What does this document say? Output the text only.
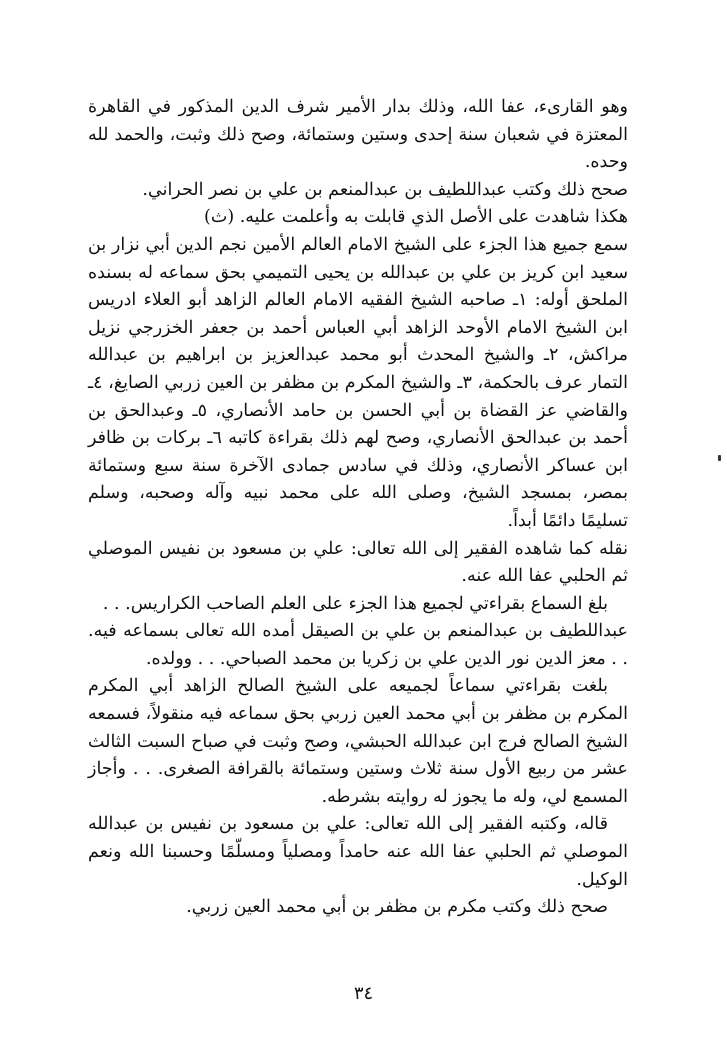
وهو القارىء، عفا الله، وذلك بدار الأمير شرف الدين المذكور في القاهرة المعتزة في شعبان سنة إحدى وستين وستمائة، وصح ذلك وثبت، والحمد لله وحده.

صحح ذلك وكتب عبداللطيف بن عبدالمنعم بن علي بن نصر الحراني.

هكذا شاهدت على الأصل الذي قابلت به وأعلمت عليه. (ث)

سمع جميع هذا الجزء على الشيخ الامام العالم الأمين نجم الدين أبي نزار بن سعيد ابن كريز بن علي بن عبدالله بن يحيى التميمي بحق سماعه له بسنده الملحق أوله: ١ـ صاحبه الشيخ الفقيه الامام العالم الزاهد أبو العلاء ادريس ابن الشيخ الامام الأوحد الزاهد أبي العباس أحمد بن جعفر الخزرجي نزيل مراكش، ٢ـ والشيخ المحدث أبو محمد عبدالعزيز بن ابراهيم بن عبدالله التمار عرف بالحكمة، ٣ـ والشيخ المكرم بن مظفر بن العين زربي الصايغ، ٤ـ والقاضي عز القضاة بن أبي الحسن بن حامد الأنصاري، ٥ـ وعبدالحق بن أحمد بن عبدالحق الأنصاري، وصح لهم ذلك بقراءة كاتبه ٦ـ بركات بن ظافر ابن عساكر الأنصاري، وذلك في سادس جمادى الآخرة سنة سبع وستمائة بمصر، بمسجد الشيخ، وصلى الله على محمد نبيه وآله وصحبه، وسلم تسليمًا دائمًا أبداً.

نقله كما شاهده الفقير إلى الله تعالى: علي بن مسعود بن نفيس الموصلي ثم الحلبي عفا الله عنه.

بلغ السماع بقراءتي لجميع هذا الجزء على العلم الصاحب الكراريس. . .

عبداللطيف بن عبدالمنعم بن علي بن الصيقل أمده الله تعالى بسماعه فيه. . . معز الدين نور الدين علي بن زكريا بن محمد الصباحي. . . وولده.

بلغت بقراءتي سماعاً لجميعه على الشيخ الصالح الزاهد أبي المكرم المكرم بن مظفر بن أبي محمد العين زربي بحق سماعه فيه منقولاً، فسمعه الشيخ الصالح فرج ابن عبدالله الحبشي، وصح وثبت في صباح السبت الثالث عشر من ربيع الأول سنة ثلاث وستين وستمائة بالقرافة الصغرى. . . وأجاز المسمع لي، وله ما يجوز له روايته بشرطه.

قاله، وكتبه الفقير إلى الله تعالى: علي بن مسعود بن نفيس بن عبدالله الموصلي ثم الحلبي عفا الله عنه حامداً ومصلياً ومسلّمًا وحسبنا الله ونعم الوكيل.

صحح ذلك وكتب مكرم بن مظفر بن أبي محمد العين زربي.

٣٤
